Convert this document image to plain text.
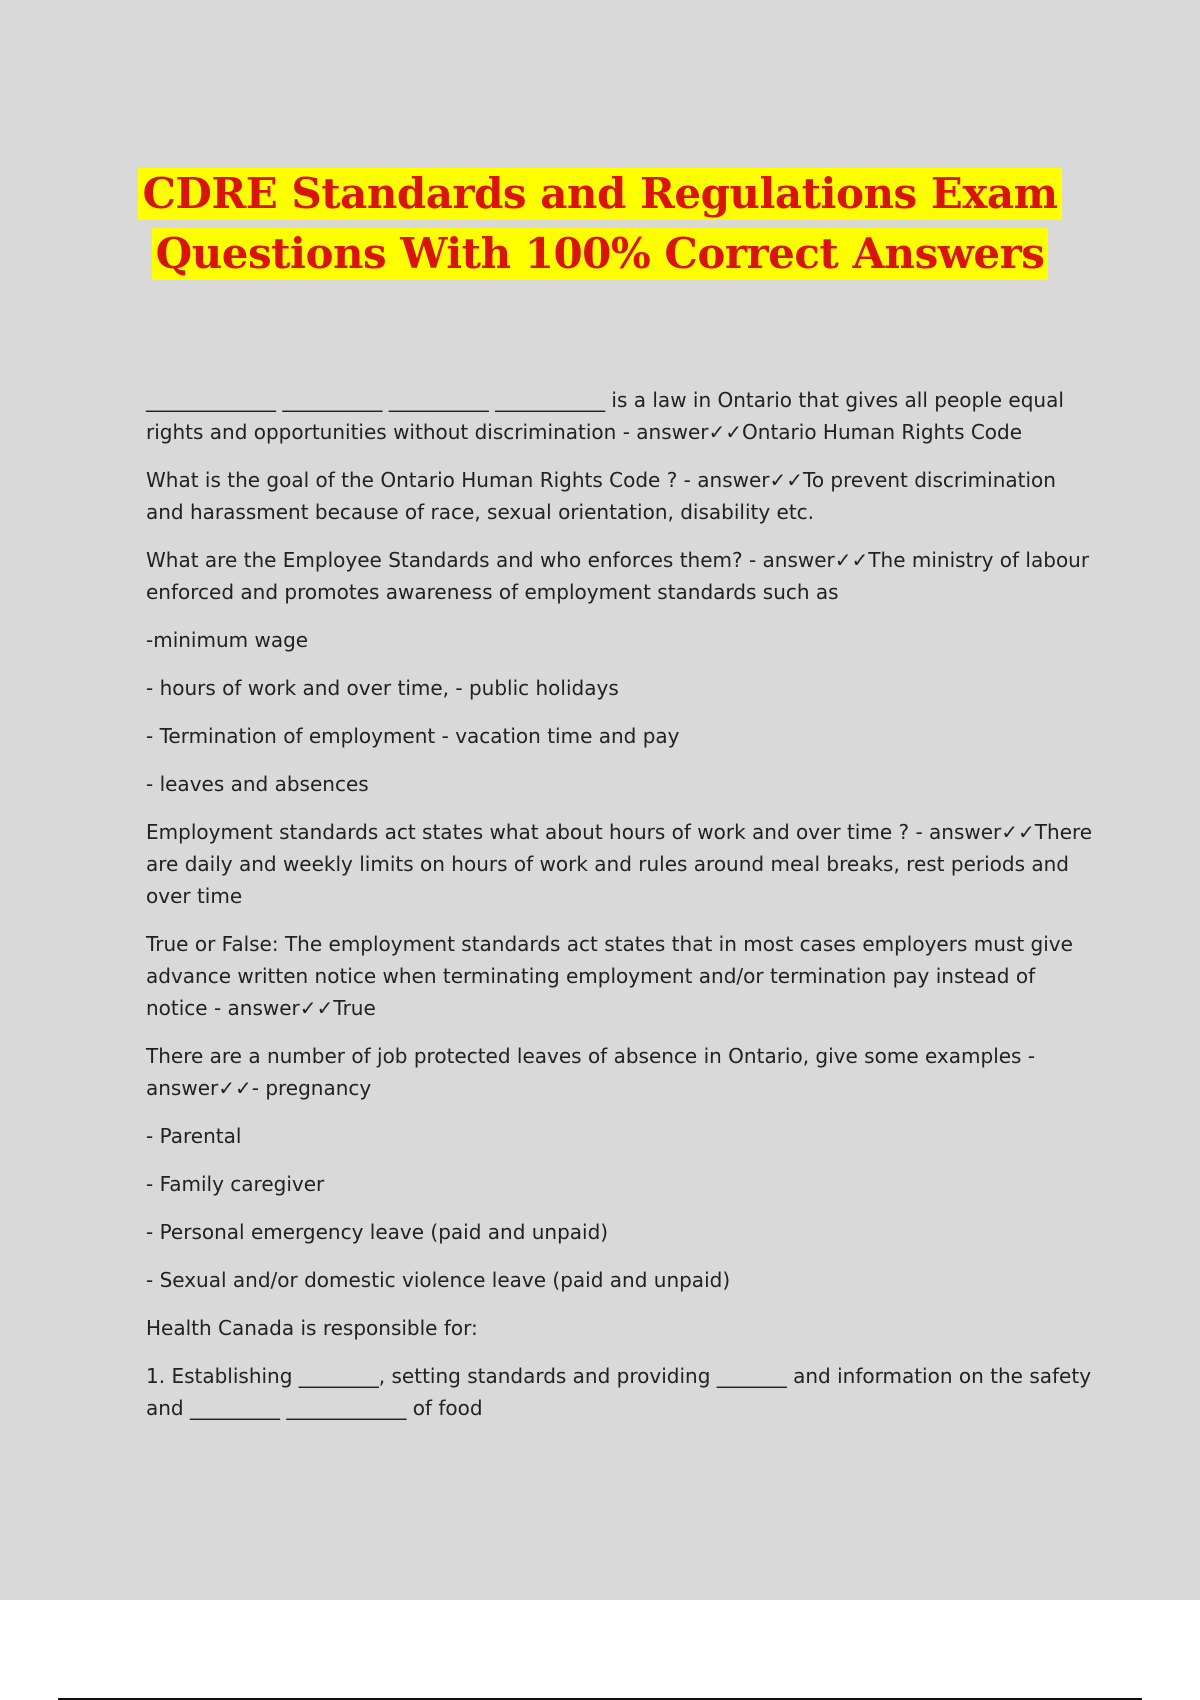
CDRE Standards and Regulations Exam
Questions With 100% Correct Answers

_____________ __________ __________ ___________ is a law in Ontario that gives all people equal rights and opportunities without discrimination - answer✓✓Ontario Human Rights Code

What is the goal of the Ontario Human Rights Code ? - answer✓✓To prevent discrimination and harassment because of race, sexual orientation, disability etc.

What are the Employee Standards and who enforces them? - answer✓✓The ministry of labour enforced and promotes awareness of employment standards such as

-minimum wage

- hours of work and over time, - public holidays

- Termination of employment - vacation time and pay

- leaves and absences

Employment standards act states what about hours of work and over time ? - answer✓✓There are daily and weekly limits on hours of work and rules around meal breaks, rest periods and over time

True or False: The employment standards act states that in most cases employers must give advance written notice when terminating employment and/or termination pay instead of notice - answer✓✓True

There are a number of job protected leaves of absence in Ontario, give some examples - answer✓✓- pregnancy

- Parental

- Family caregiver

- Personal emergency leave (paid and unpaid)

- Sexual and/or domestic violence leave (paid and unpaid)

Health Canada is responsible for:

1. Establishing ________, setting standards and providing _______ and information on the safety and _________ ____________ of food
